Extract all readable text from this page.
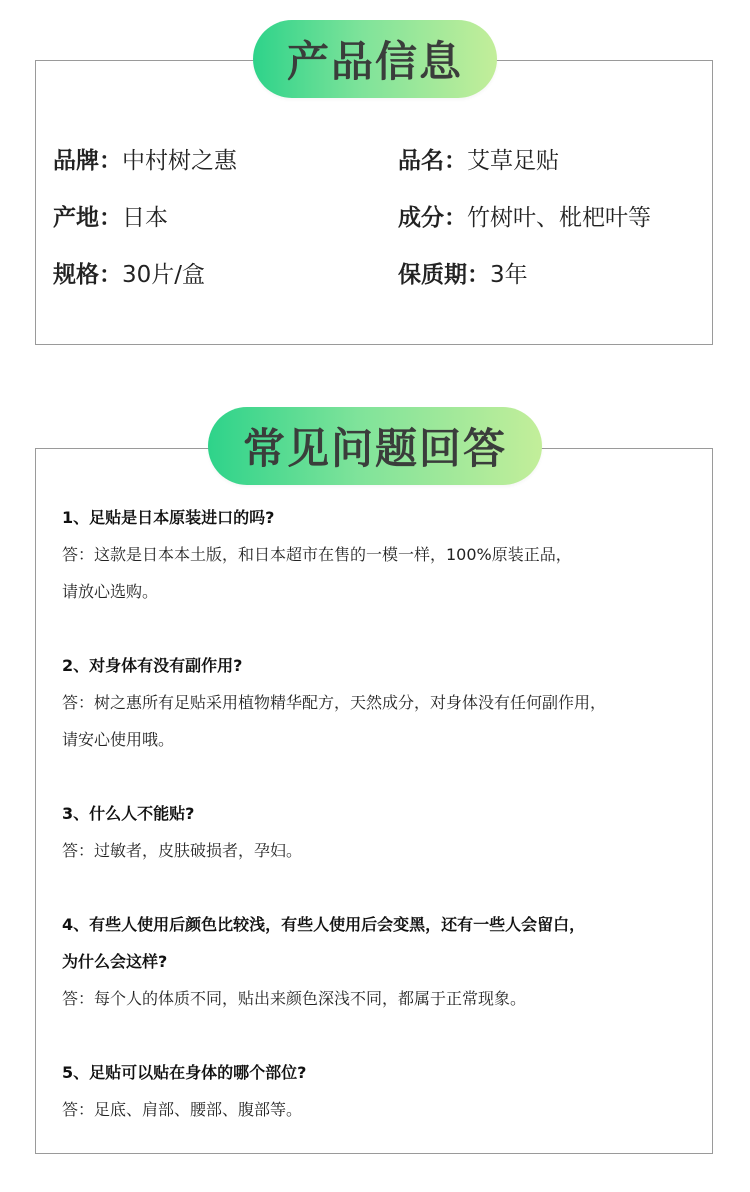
产品信息
品牌：中村树之惠	品名：艾草足贴
产地：日本	成分：竹树叶、枇杷叶等
规格：30片/盒	保质期：3年
常见问题回答
1、足贴是日本原装进口的吗?
答：这款是日本本土版，和日本超市在售的一模一样，100%原装正品，
请放心选购。
2、对身体有没有副作用?
答：树之惠所有足贴采用植物精华配方，天然成分，对身体没有任何副作用，
请安心使用哦。
3、什么人不能贴?
答：过敏者，皮肤破损者，孕妇。
4、有些人使用后颜色比较浅，有些人使用后会变黑，还有一些人会留白，
为什么会这样?
答：每个人的体质不同，贴出来颜色深浅不同，都属于正常现象。
5、足贴可以贴在身体的哪个部位?
答：足底、肩部、腰部、腹部等。
